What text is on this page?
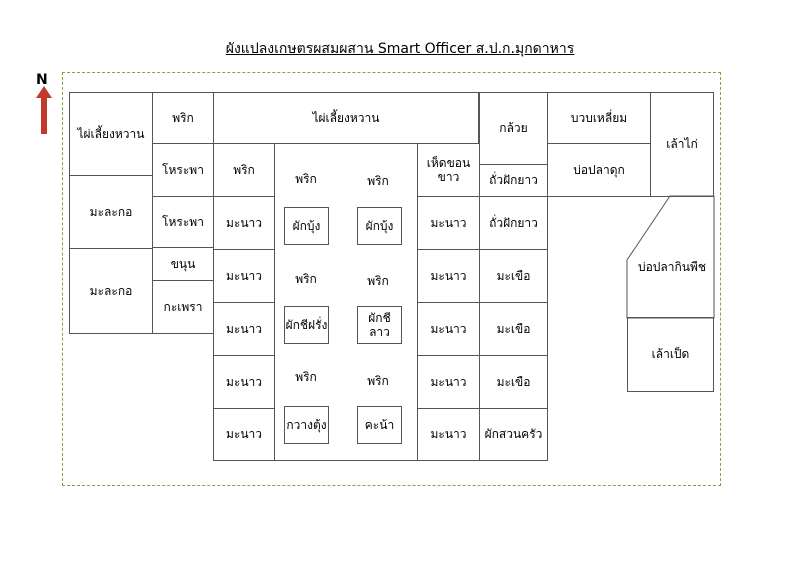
ผังแปลงเกษตรผสมผสาน Smart Officer ส.ป.ก.มุกดาหาร
N
ไผ่เลี้ยงหวาน
พริก
โหระพา
โหระพา
ขนุน
กะเพรา
มะละกอ
มะละกอ
ไผ่เลี้ยงหวาน
พริก
มะนาว
มะนาว
มะนาว
มะนาว
มะนาว
พริก	พริก
พริก	พริก
พริก	พริก
ผักบุ้ง	ผักบุ้ง
ผักชีฝรั่ง
ผักชีลาว
กวางตุ้ง	คะน้า
เห็ดขอนขาว
มะนาว
มะนาว
มะนาว
มะนาว
มะนาว
กล้วย
ถั่วฝักยาว
ถั่วฝักยาว
มะเขือ
มะเขือ
มะเขือ
ผักสวนครัว
บวบเหลี่ยม
บ่อปลาดุก
เล้าไก่
บ่อปลากินพืช
เล้าเป็ด
